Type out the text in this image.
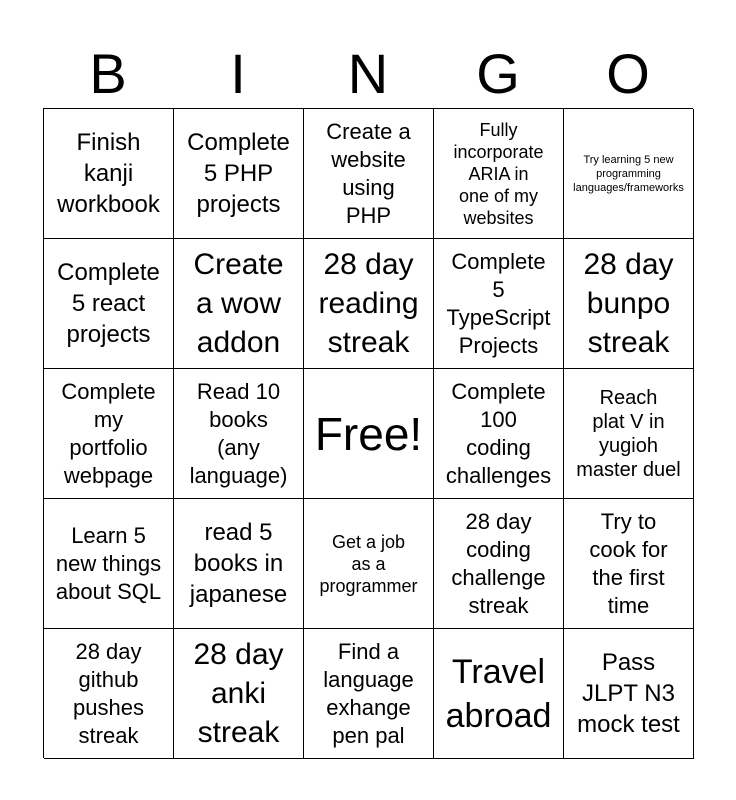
B	I	N	G	O
Finish
kanji
workbook
Complete
5 PHP
projects
Create a
website
using
PHP
Fully
incorporate
ARIA in
one of my
websites
Try learning 5 new
programming
languages/frameworks
Complete
5 react
projects
Create
a wow
addon
28 day
reading
streak
Complete
5
TypeScript
Projects
28 day
bunpo
streak
Complete
my
portfolio
webpage
Read 10
books
(any
language)
Free!
Complete
100
coding
challenges
Reach
plat V in
yugioh
master duel
Learn 5
new things
about SQL
read 5
books in
japanese
Get a job
as a
programmer
28 day
coding
challenge
streak
Try to
cook for
the first
time
28 day
github
pushes
streak
28 day
anki
streak
Find a
language
exhange
pen pal
Travel
abroad
Pass
JLPT N3
mock test
